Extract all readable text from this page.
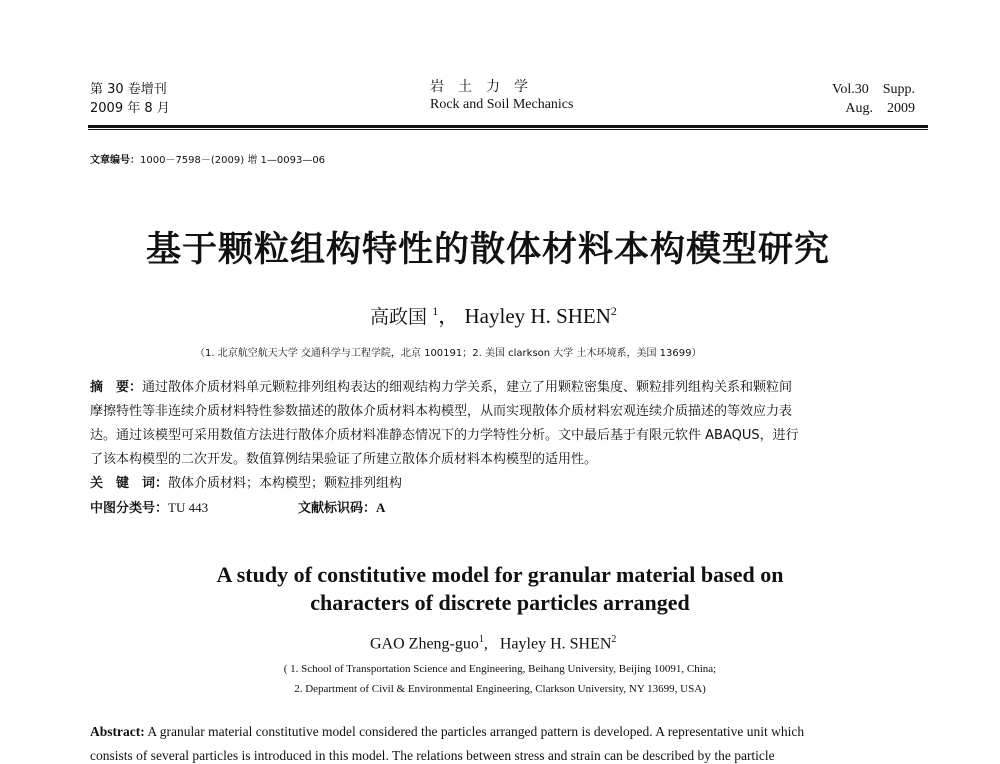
第 30 卷增刊
2009 年 8 月
岩　土　力　学
Rock and Soil Mechanics
Vol.30　Supp.
Aug.　2009
文章编号：1000－7598－(2009) 增 1—0093—06
基于颗粒组构特性的散体材料本构模型研究
高政国 $^1$， Hayley H. SHEN$^2$
（1. 北京航空航天大学 交通科学与工程学院，北京 100191；2. 美国 clarkson 大学 土木环境系，美国 13699）
摘　要：通过散体介质材料单元颗粒排列组构表达的细观结构力学关系，建立了用颗粒密集度、颗粒排列组构关系和颗粒间
摩擦特性等非连续介质材料特性参数描述的散体介质材料本构模型，从而实现散体介质材料宏观连续介质描述的等效应力表
达。通过该模型可采用数值方法进行散体介质材料准静态情况下的力学特性分析。文中最后基于有限元软件 ABAQUS，进行
了该本构模型的二次开发。数值算例结果验证了所建立散体介质材料本构模型的适用性。
关　键　词：散体介质材料；本构模型；颗粒排列组构
中图分类号：TU 443	文献标识码：A
A study of constitutive model for granular material based on
characters of discrete particles arranged
GAO Zheng-guo$^1$, Hayley H. SHEN$^2$
( 1. School of Transportation Science and Engineering, Beihang University, Beijing 10091, China;
2. Department of Civil & Environmental Engineering, Clarkson University, NY 13699, USA)
Abstract: A granular material constitutive model considered the particles arranged pattern is developed. A representative unit which
consists of several particles is introduced in this model. The relations between stress and strain can be described by the particle
